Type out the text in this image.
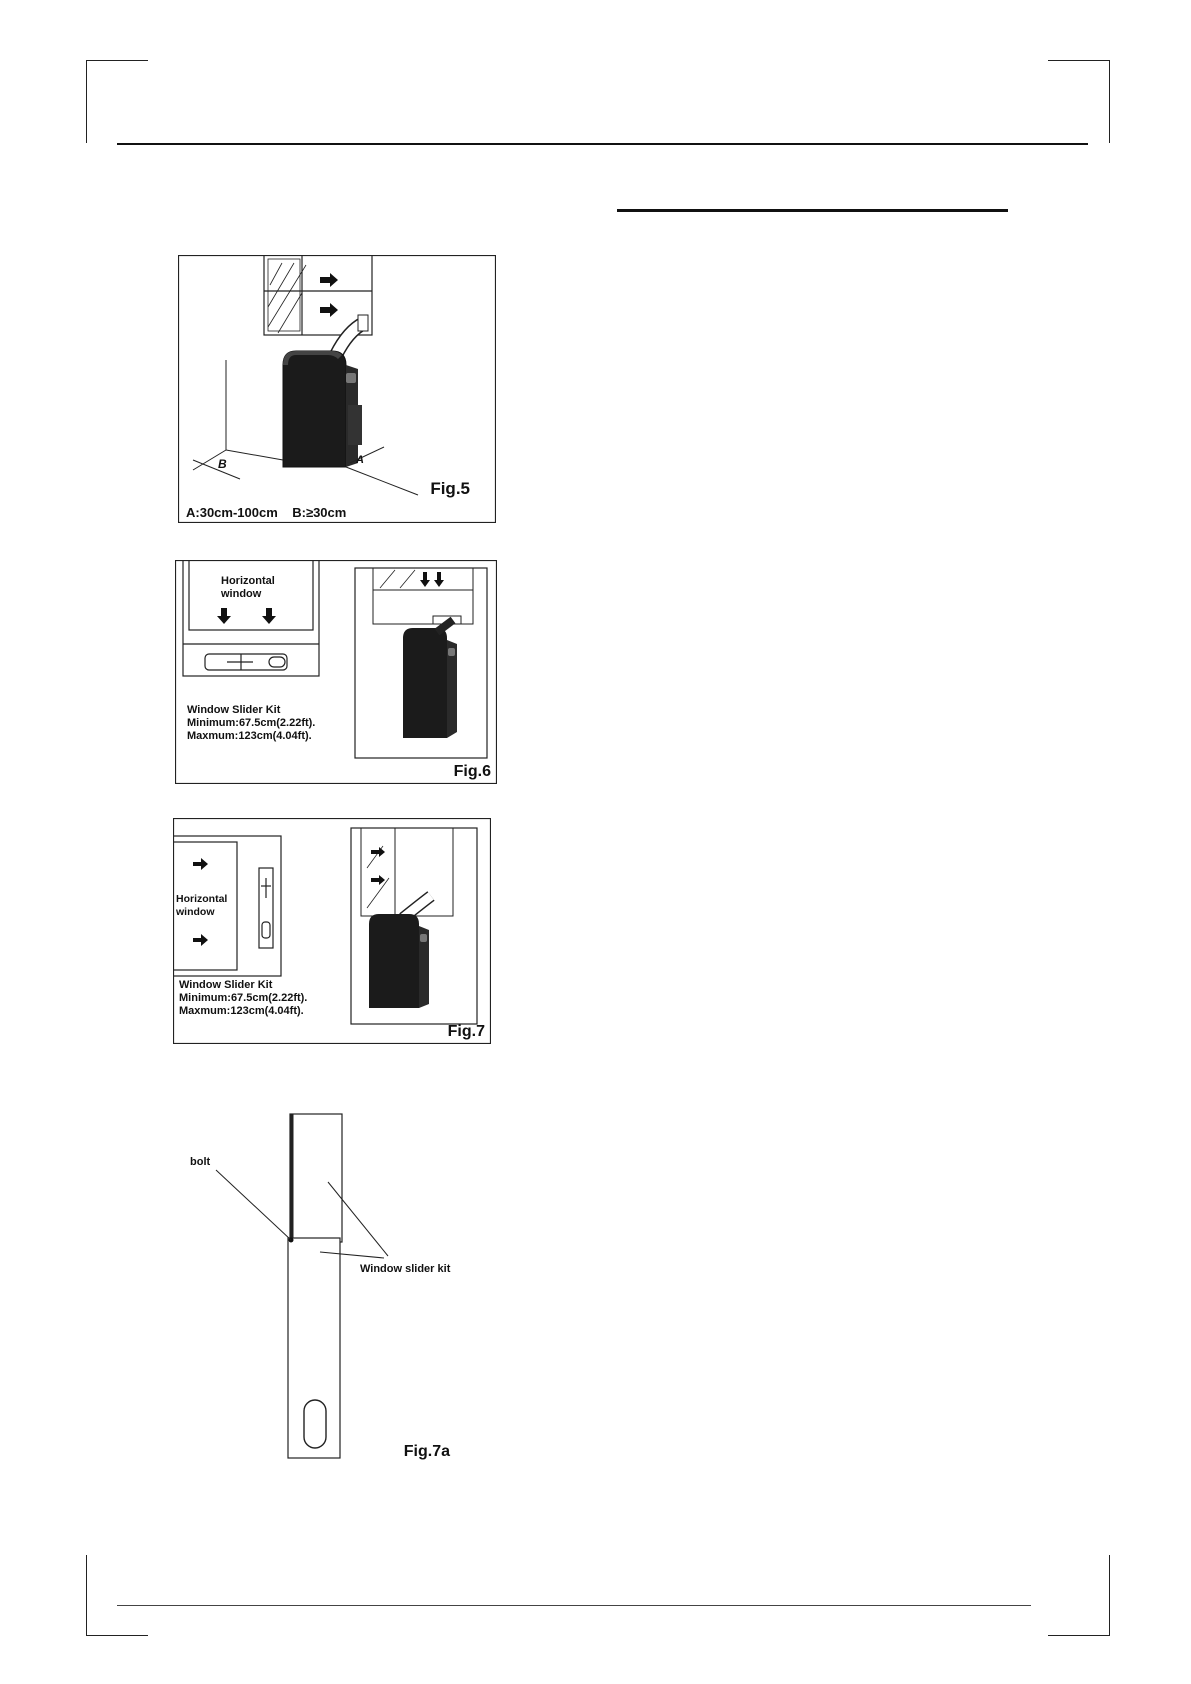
B	A
Fig.5
A:30cm-100cm    B:≥30cm
Horizontal
window
Window Slider Kit
Minimum:67.5cm(2.22ft).
Maxmum:123cm(4.04ft).
Fig.6
Horizontal
window
Window Slider Kit
Minimum:67.5cm(2.22ft).
Maxmum:123cm(4.04ft).
Fig.7
bolt
Window slider kit
Fig.7a
